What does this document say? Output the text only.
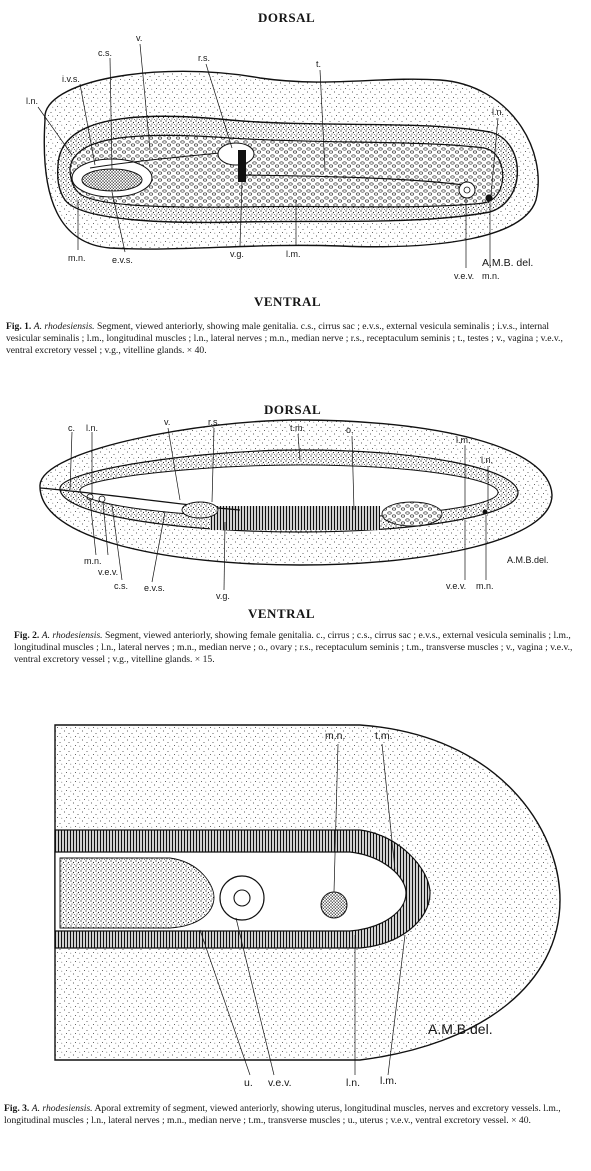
DORSAL
l.n.
i.v.s.
c.s.
v.
r.s.
t.
l.n.
m.n.	e.v.s.
v.g.	l.m.
v.e.v. m.n.
A.M.B. del.
VENTRAL
Fig. 1. A. rhodesiensis. Segment, viewed anteriorly, showing male genitalia. c.s., cirrus sac ; e.v.s., external vesicula seminalis ; i.v.s., internal vesicular seminalis ; l.m., longitudinal muscles ; l.n., lateral nerves ; m.n., median nerve ; r.s., receptaculum seminis ; t., testes ; v., vagina ; v.e.v., ventral excretory vessel ; v.g., vitelline glands. × 40.
DORSAL
c. l.n.
v.	r.s.
t.m.	o.
l.m.
l.n.
m.n.
v.e.v.
c.s. e.v.s.
v.g.
v.e.v. m.n.
A.M.B.del.
VENTRAL
Fig. 2. A. rhodesiensis. Segment, viewed anteriorly, showing female genitalia. c., cirrus ; c.s., cirrus sac ; e.v.s., external vesicula seminalis ; l.m., longitudinal muscles ; l.n., lateral nerves ; m.n., median nerve ; o., ovary ; r.s., receptaculum seminis ; t.m., transverse muscles ; v., vagina ; v.e.v., ventral excretory vessel ; v.g., vitelline glands. × 15.
m.n.	t.m.
u. v.e.v.	l.n. l.m.
A.M.B.del.
Fig. 3. A. rhodesiensis. Aporal extremity of segment, viewed anteriorly, showing uterus, longitudinal muscles, nerves and excretory vessels. l.m., longitudinal muscles ; l.n., lateral nerves ; m.n., median nerve ; t.m., transverse muscles ; u., uterus ; v.e.v., ventral excretory vessel. × 40.
